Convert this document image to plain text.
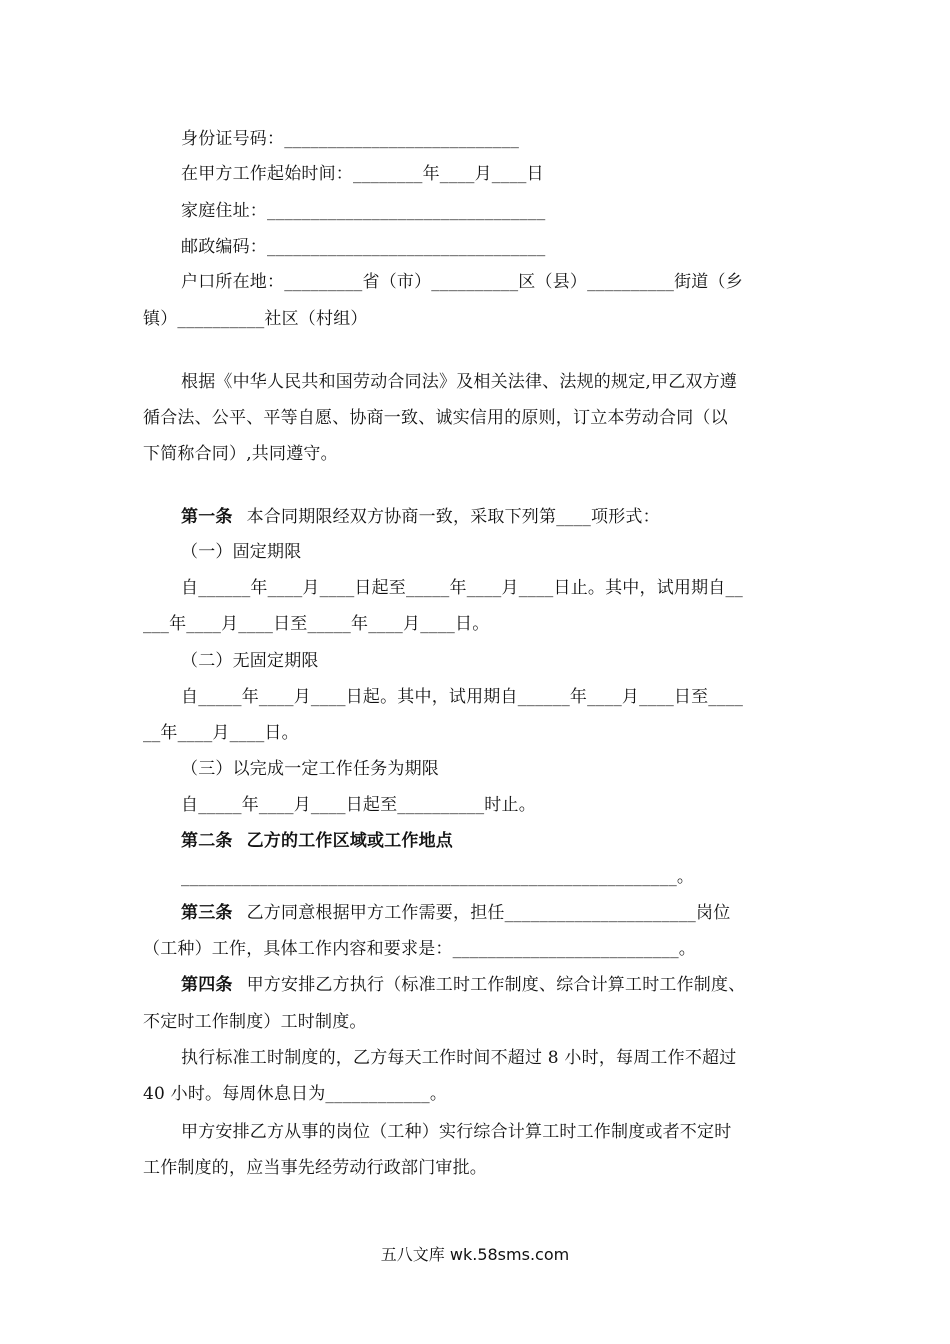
身份证号码：___________________________
在甲方工作起始时间：________年____月____日
家庭住址：________________________________
邮政编码：________________________________
户口所在地：_________省（市）__________区（县）__________街道（乡
镇）__________社区（村组）
根据《中华人民共和国劳动合同法》及相关法律、法规的规定,甲乙双方遵
循合法、公平、平等自愿、协商一致、诚实信用的原则，订立本劳动合同（以
下简称合同）,共同遵守。
第一条 本合同期限经双方协商一致，采取下列第____项形式：
（一）固定期限
自______年____月____日起至_____年____月____日止。其中，试用期自__
___年____月____日至_____年____月____日。
（二）无固定期限
自_____年____月____日起。其中，试用期自______年____月____日至____
__年____月____日。
（三）以完成一定工作任务为期限
自_____年____月____日起至__________时止。
第二条 乙方的工作区域或工作地点
_________________________________________________________。
第三条 乙方同意根据甲方工作需要，担任______________________岗位
（工种）工作，具体工作内容和要求是：__________________________。
第四条 甲方安排乙方执行（标准工时工作制度、综合计算工时工作制度、
不定时工作制度）工时制度。
执行标准工时制度的，乙方每天工作时间不超过 8 小时，每周工作不超过
40 小时。每周休息日为____________。
甲方安排乙方从事的岗位（工种）实行综合计算工时工作制度或者不定时
工作制度的，应当事先经劳动行政部门审批。
五八文库 wk.58sms.com
